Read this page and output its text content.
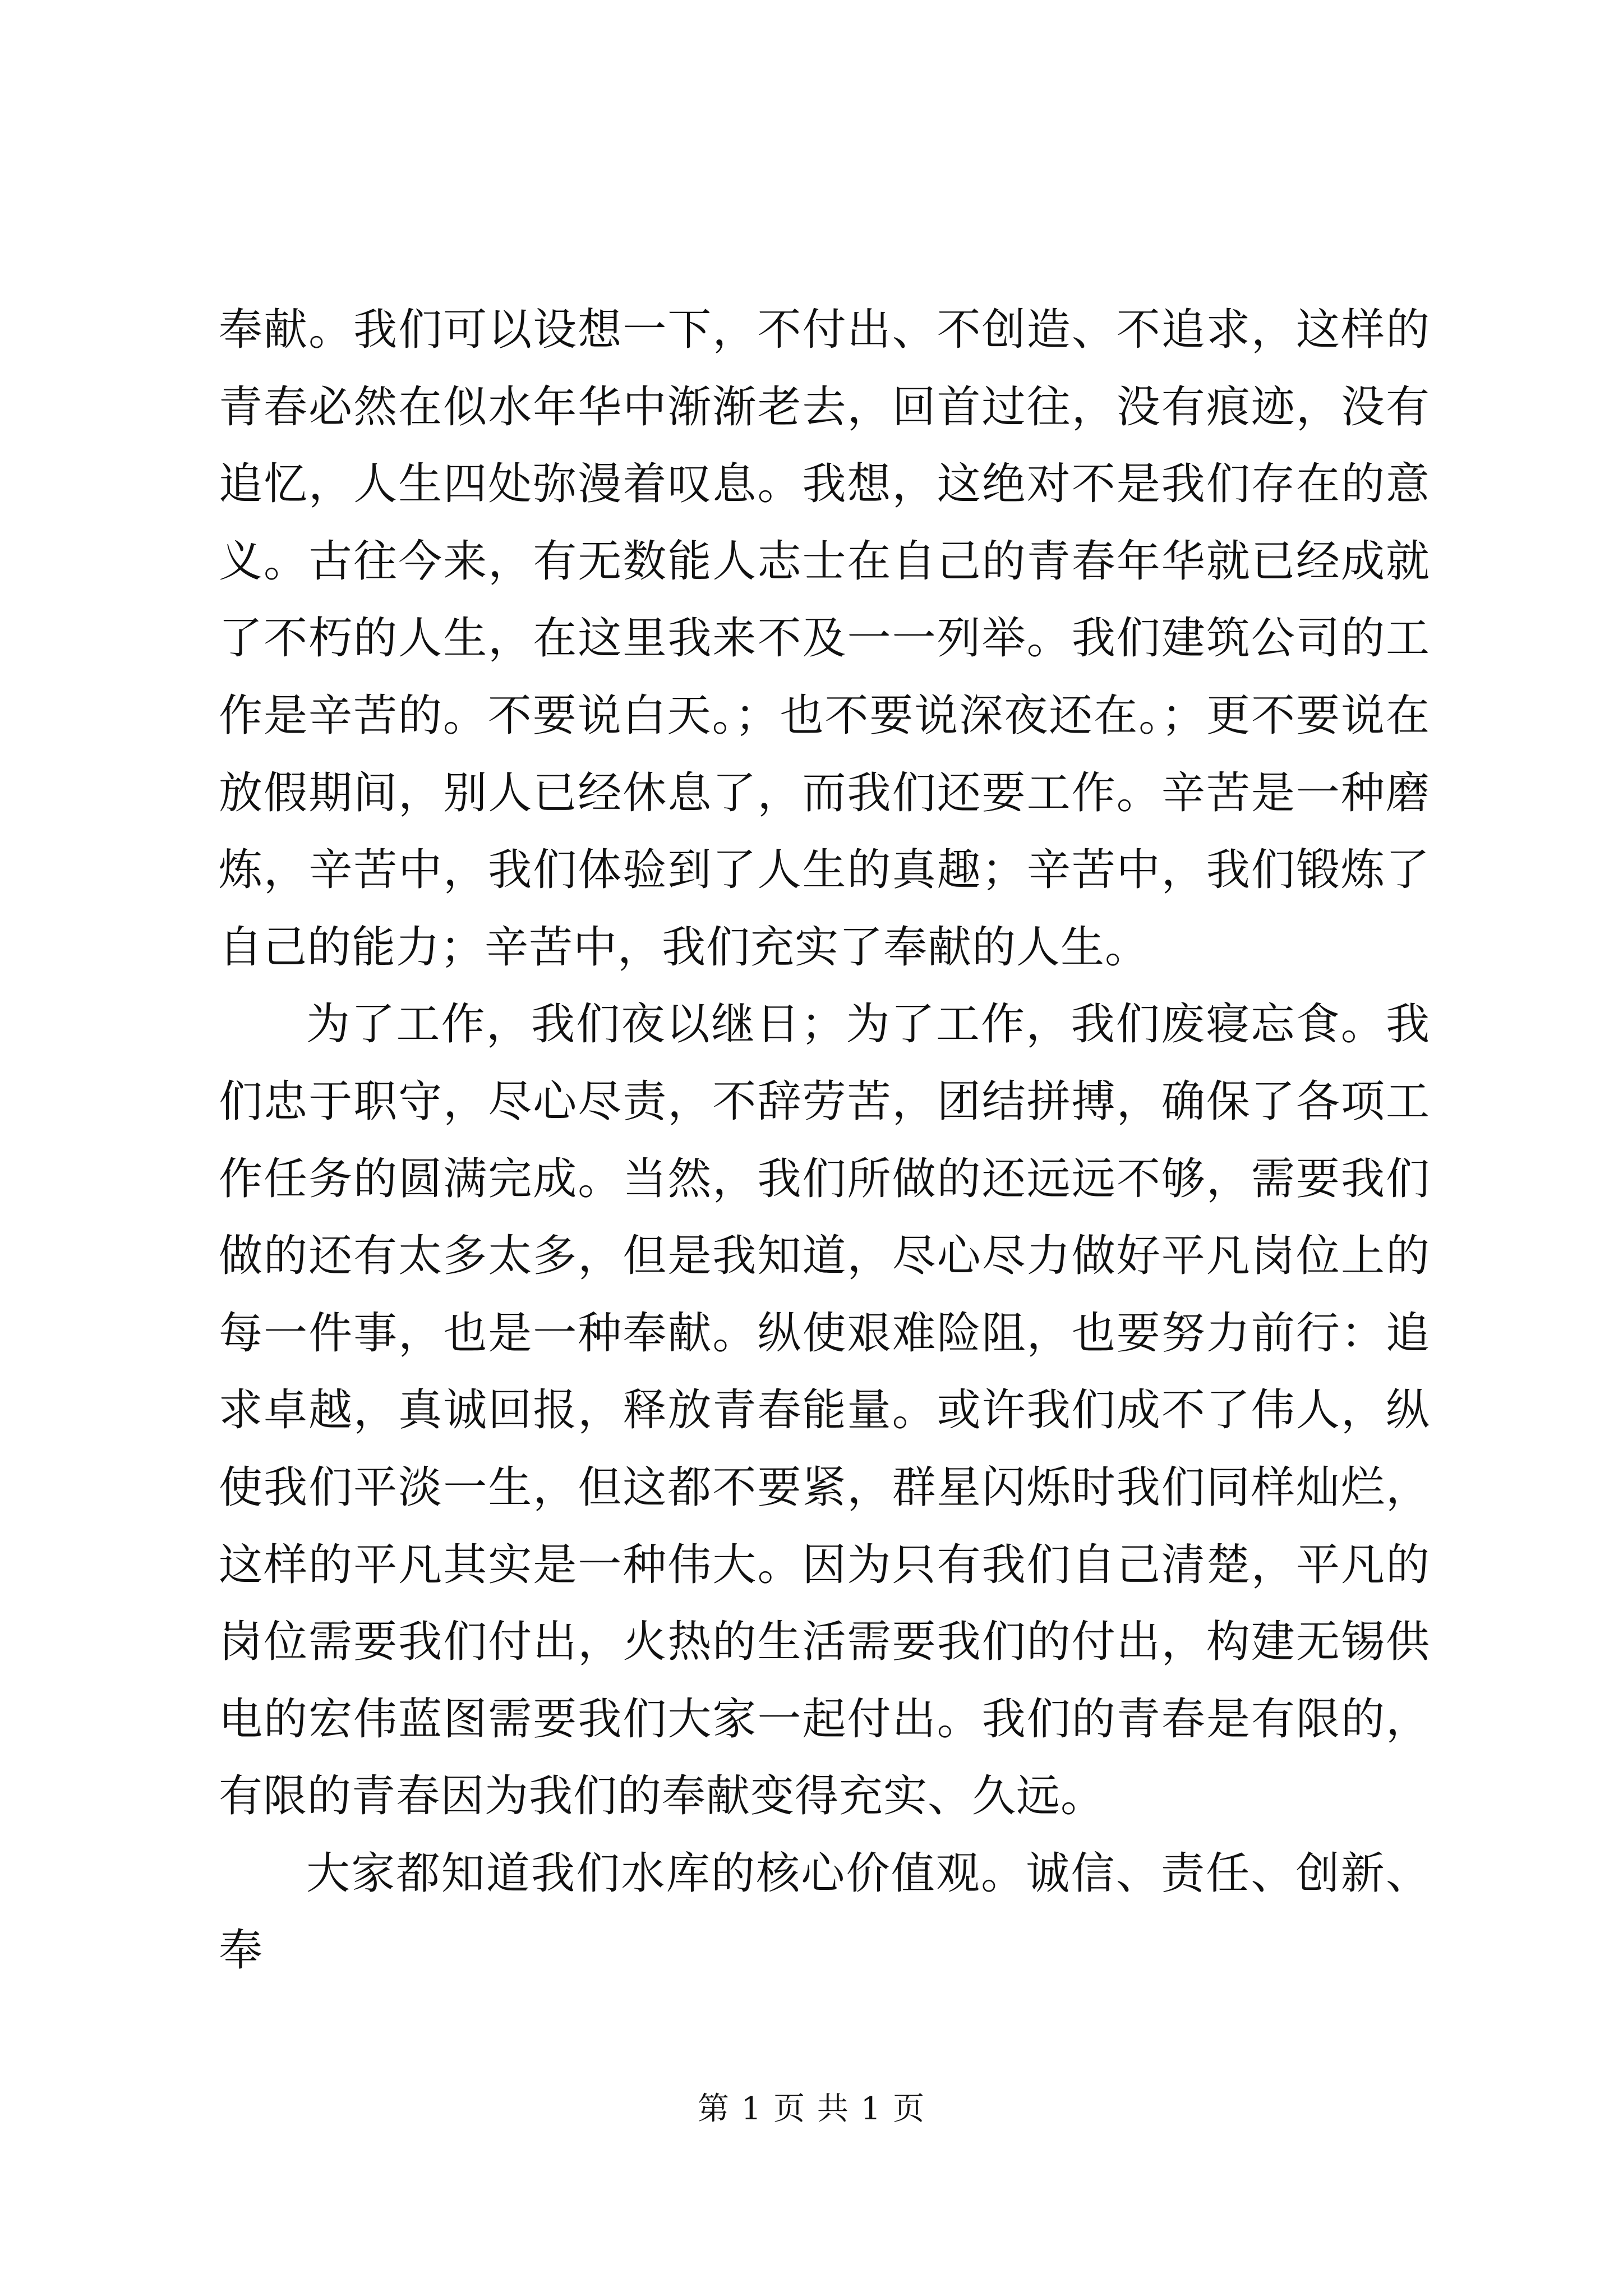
奉献。我们可以设想一下，不付出、不创造、不追求，这样的青春必然在似水年华中渐渐老去，回首过往，没有痕迹，没有追忆，人生四处弥漫着叹息。我想，这绝对不是我们存在的意义。古往今来，有无数能人志士在自己的青春年华就已经成就了不朽的人生，在这里我来不及一一列举。我们建筑公司的工作是辛苦的。不要说白天。；也不要说深夜还在。；更不要说在放假期间，别人已经休息了，而我们还要工作。辛苦是一种磨炼，辛苦中，我们体验到了人生的真趣；辛苦中，我们锻炼了自己的能力；辛苦中，我们充实了奉献的人生。

为了工作，我们夜以继日；为了工作，我们废寝忘食。我们忠于职守，尽心尽责，不辞劳苦，团结拼搏，确保了各项工作任务的圆满完成。当然，我们所做的还远远不够，需要我们做的还有太多太多，但是我知道，尽心尽力做好平凡岗位上的每一件事，也是一种奉献。纵使艰难险阻，也要努力前行：追求卓越，真诚回报，释放青春能量。或许我们成不了伟人，纵使我们平淡一生，但这都不要紧，群星闪烁时我们同样灿烂，这样的平凡其实是一种伟大。因为只有我们自己清楚，平凡的岗位需要我们付出，火热的生活需要我们的付出，构建无锡供电的宏伟蓝图需要我们大家一起付出。我们的青春是有限的，有限的青春因为我们的奉献变得充实、久远。

大家都知道我们水库的核心价值观。诚信、责任、创新、奉

第 1 页 共 1 页
